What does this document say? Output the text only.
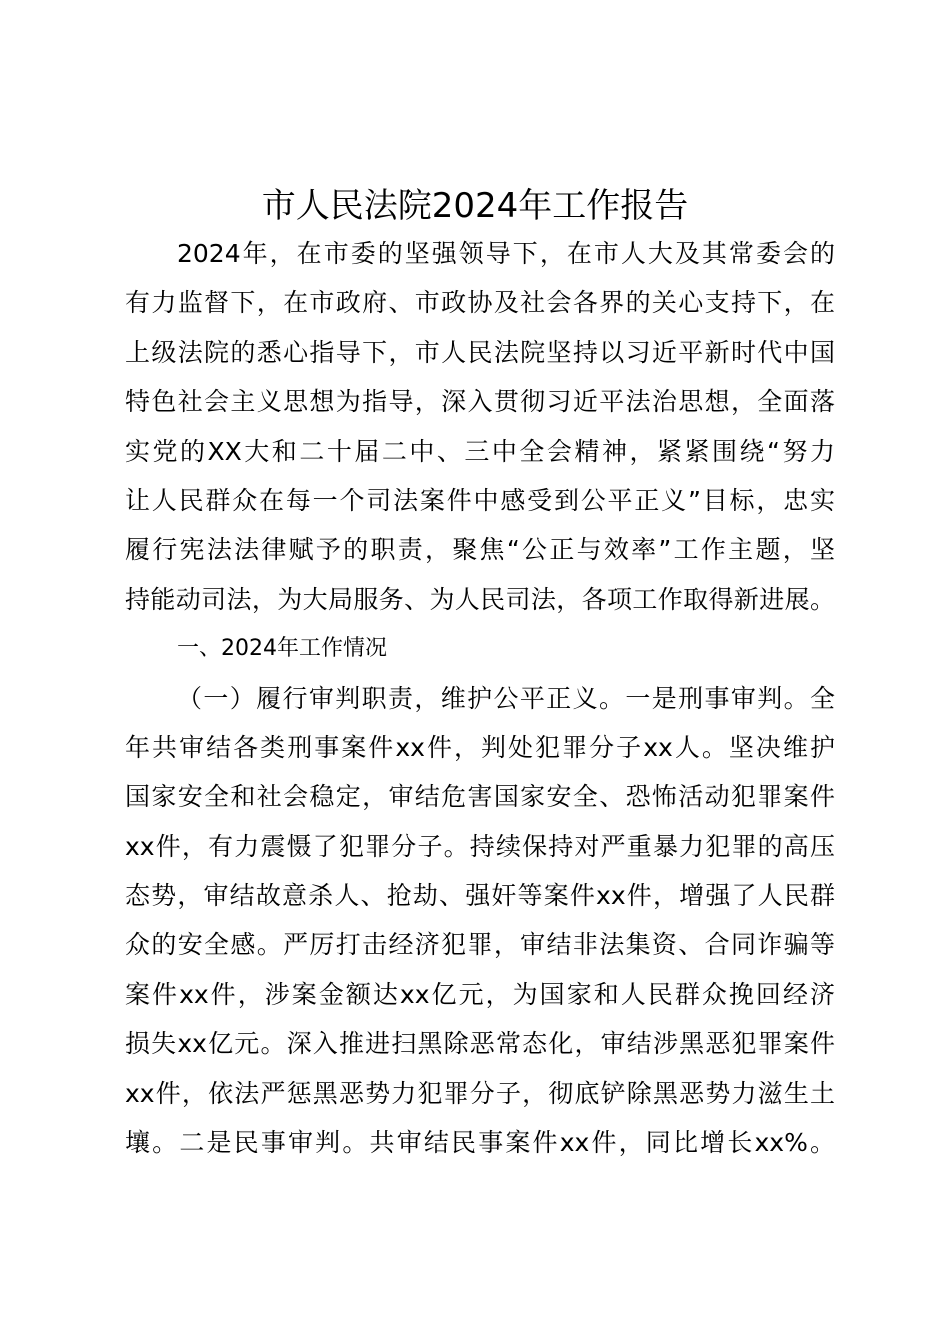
市人民法院2024年工作报告
2024年，在市委的坚强领导下，在市人大及其常委会的
有力监督下，在市政府、市政协及社会各界的关心支持下，在
上级法院的悉心指导下，市人民法院坚持以习近平新时代中国
特色社会主义思想为指导，深入贯彻习近平法治思想，全面落
实党的XX大和二十届二中、三中全会精神，紧紧围绕“努力
让人民群众在每一个司法案件中感受到公平正义”目标，忠实
履行宪法法律赋予的职责，聚焦“公正与效率”工作主题，坚
持能动司法，为大局服务、为人民司法，各项工作取得新进展。
一、2024年工作情况
（一）履行审判职责，维护公平正义。一是刑事审判。全
年共审结各类刑事案件xx件，判处犯罪分子xx人。坚决维护
国家安全和社会稳定，审结危害国家安全、恐怖活动犯罪案件
xx件，有力震慑了犯罪分子。持续保持对严重暴力犯罪的高压
态势，审结故意杀人、抢劫、强奸等案件xx件，增强了人民群
众的安全感。严厉打击经济犯罪，审结非法集资、合同诈骗等
案件xx件，涉案金额达xx亿元，为国家和人民群众挽回经济
损失xx亿元。深入推进扫黑除恶常态化，审结涉黑恶犯罪案件
xx件，依法严惩黑恶势力犯罪分子，彻底铲除黑恶势力滋生土
壤。二是民事审判。共审结民事案件xx件，同比增长xx%。
